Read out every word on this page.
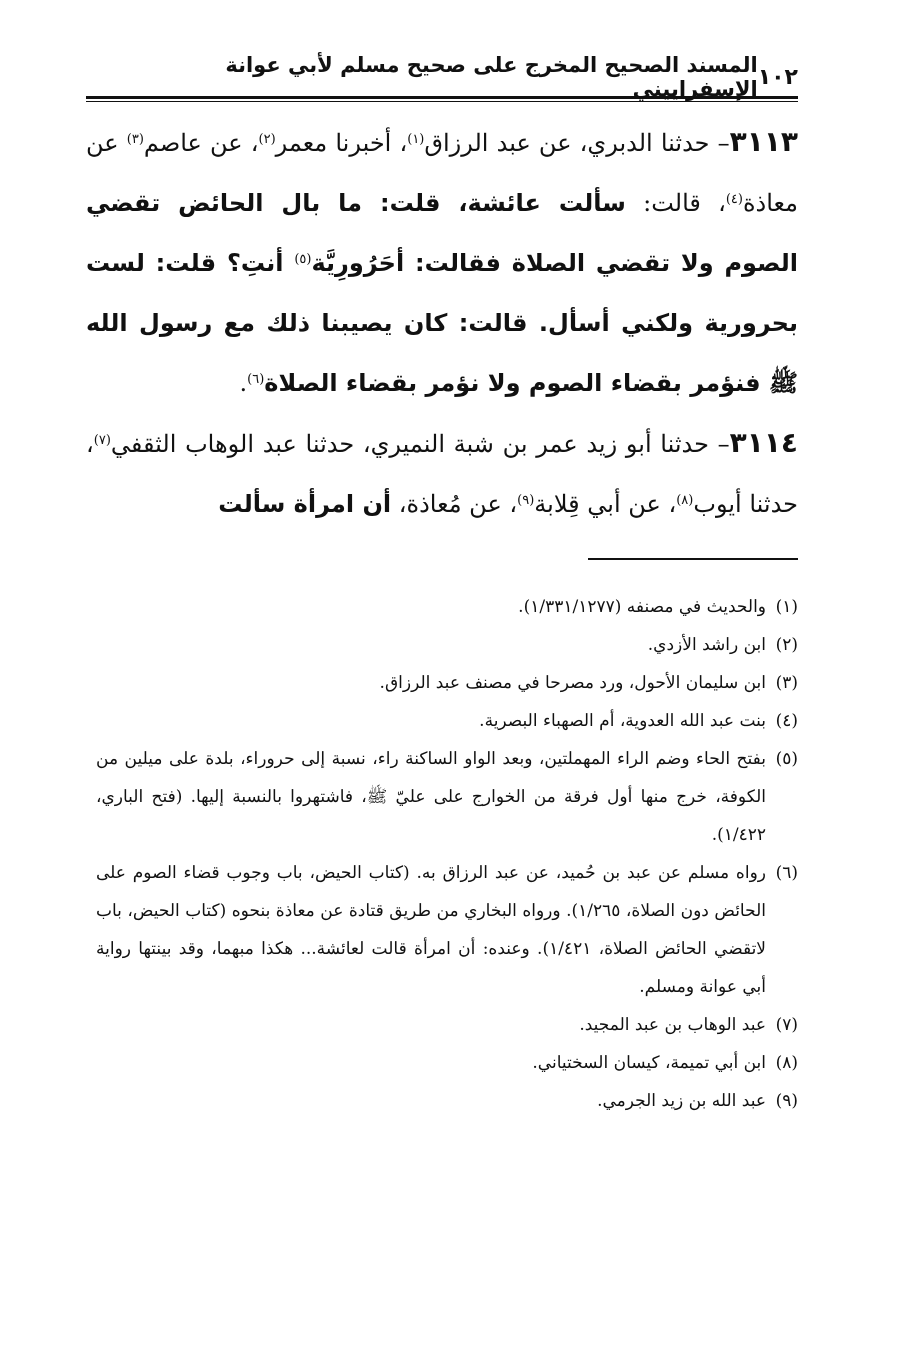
١٠٢
المسند الصحيح المخرج على صحيح مسلم لأبي عوانة الإسفراييني

٣١١٣– حدثنا الدبري، عن عبد الرزاق$^{(١)}$، أخبرنا معمر$^{(٢)}$، عن عاصم$^{(٣)}$ عن معاذة$^{(٤)}$، قالت: سألت عائشة، قلت: ما بال الحائض تقضي الصوم ولا تقضي الصلاة فقالت: أحَرُورِيَّة$^{(٥)}$ أنتِ؟ قلت: لست بحرورية ولكني أسأل. قالت: كان يصيبنا ذلك مع رسول الله ﷺ فنؤمر بقضاء الصوم ولا نؤمر بقضاء الصلاة$^{(٦)}$.

٣١١٤– حدثنا أبو زيد عمر بن شبة النميري، حدثنا عبد الوهاب الثقفي$^{(٧)}$، حدثنا أيوب$^{(٨)}$، عن أبي قِلابة$^{(٩)}$، عن مُعاذة، أن امرأة سألت

(١)والحديث في مصنفه (١/٣٣١/١٢٧٧).

(٢)ابن راشد الأزدي.

(٣)ابن سليمان الأحول، ورد مصرحا في مصنف عبد الرزاق.

(٤)بنت عبد الله العدوية، أم الصهباء البصرية.

(٥)بفتح الحاء وضم الراء المهملتين، وبعد الواو الساكنة راء، نسبة إلى حروراء، بلدة على ميلين من الكوفة، خرج منها أول فرقة من الخوارج على عليّ ﷺ، فاشتهروا بالنسبة إليها. (فتح الباري، ١/٤٢٢).

(٦)رواه مسلم عن عبد بن حُميد، عن عبد الرزاق به. (كتاب الحيض، باب وجوب قضاء الصوم على الحائض دون الصلاة، ١/٢٦٥). ورواه البخاري من طريق قتادة عن معاذة بنحوه (كتاب الحيض، باب لاتقضي الحائض الصلاة، ١/٤٢١). وعنده: أن امرأة قالت لعائشة... هكذا مبهما، وقد بينتها رواية أبي عوانة ومسلم.

(٧)عبد الوهاب بن عبد المجيد.

(٨)ابن أبي تميمة، كيسان السختياني.

(٩)عبد الله بن زيد الجرمي.
